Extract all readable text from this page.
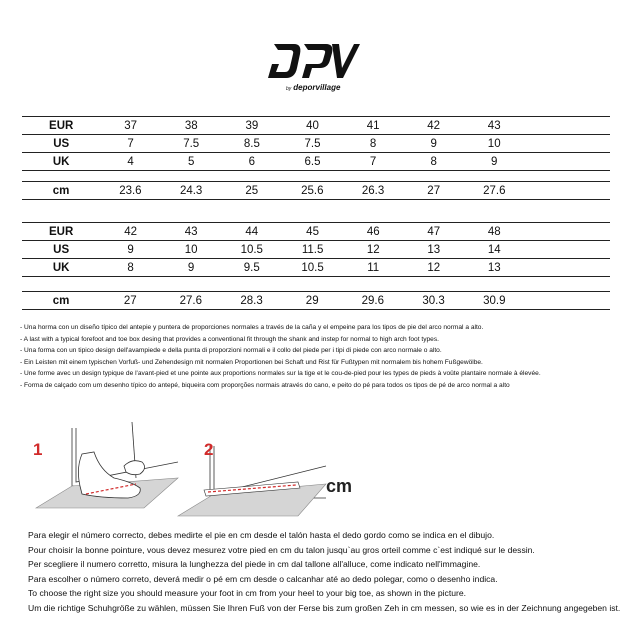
by deporvillage
EUR	37	38	39	40	41	42	43	
US	7	7.5	8.5	7.5	8	9	10	
UK	4	5	6	6.5	7	8	9	
cm	23.6	24.3	25	25.6	26.3	27	27.6	
EUR	42	43	44	45	46	47	48	
US	9	10	10.5	11.5	12	13	14	
UK	8	9	9.5	10.5	11	12	13	
cm	27	27.6	28.3	29	29.6	30.3	30.9	
- Una horma con un diseño típico del antepie y puntera de proporciones normales a través de la caña y el empeine para los tipos de pie del arco normal a alto.
- A last with a typical forefoot and toe box desing that provides a conventional fit through the shank and instep for normal to high arch foot types.
- Una forma con un tipico design dell'avampiede e della punta di proporzioni normali e il collo del piede per i tipi di piede con arco normale o alto.
- Ein Leisten mit einem typischen Vorfuß- und Zehendesign mit normalen Proportionen bei Schaft und Rist für Fußtypen mit normalem bis hohem Fußgewölbe.
- Une forme avec un design typique de l'avant-pied et une pointe aux proportions normales sur la tige et le cou-de-pied pour les types de pieds à voûte plantaire normale à élevée.
- Forma de calçado com um desenho típico do antepé, biqueira com proporções normais através do cano, e peito do pé para todos os tipos de pé de arco normal a alto
1	2
cm
Para elegir el número correcto, debes medirte el pie en cm desde el talón hasta el dedo gordo como se indica en el dibujo.
Pour choisir la bonne pointure, vous devez mesurez votre pied en cm du talon jusqu`au gros orteil comme c`est indiqué sur le dessin.
Per scegliere il numero corretto, misura la lunghezza del piede in cm dal tallone all'alluce, come indicato nell'immagine.
Para escolher o número correto, deverá medir o pé em cm desde o calcanhar até ao dedo polegar, como o desenho indica.
To choose the right size you should measure your foot in cm from your heel to your big toe, as shown in the picture.
Um die richtige Schuhgröße zu wählen, müssen Sie Ihren Fuß von der Ferse bis zum großen Zeh in cm messen, so wie es in der Zeichnung angegeben ist.
